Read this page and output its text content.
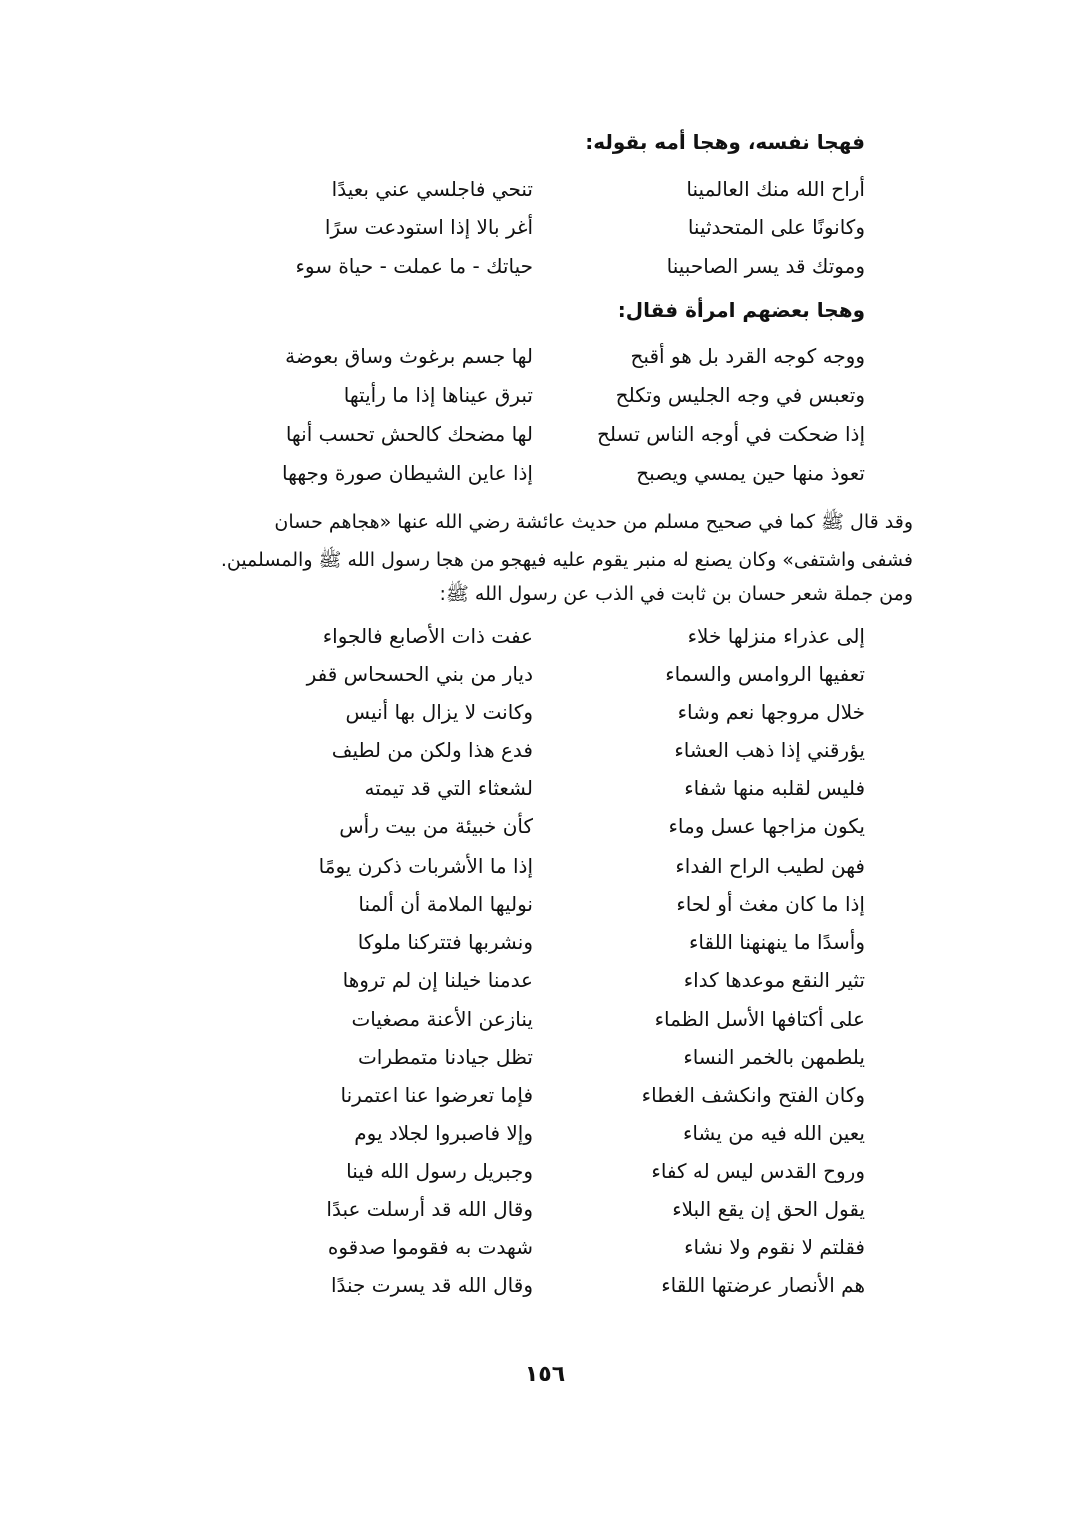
فهجا نفسه، وهجا أمه بقوله:
تنحي فاجلسي عني بعيدًا	أراح الله منك العالمينا
أغر بالا إذا استودعت سرًا	وكانونًا على المتحدثينا
حياتك - ما عملت - حياة سوء	وموتك قد يسر الصاحبينا
وهجا بعضهم امرأة فقال:
لها جسم برغوث وساق بعوضة	ووجه كوجه القرد بل هو أقبح
تبرق عيناها إذا ما رأيتها	وتعبس في وجه الجليس وتكلح
لها مضحك كالحش تحسب أنها	إذا ضحكت في أوجه الناس تسلح
إذا عاين الشيطان صورة وجهها	تعوذ منها حين يمسي ويصبح
وقد قال ﷺ كما في صحيح مسلم من حديث عائشة رضي الله عنها «هجاهم حسان
فشفى واشتفى» وكان يصنع له منبر يقوم عليه فيهجو من هجا رسول الله ﷺ والمسلمين.
ومن جملة شعر حسان بن ثابت في الذب عن رسول الله ﷺ:
عفت ذات الأصابع فالجواء	إلى عذراء منزلها خلاء
ديار من بني الحسحاس قفر	تعفيها الروامس والسماء
وكانت لا يزال بها أنيس	خلال مروجها نعم وشاء
فدع هذا ولكن من لطيف	يؤرقني إذا ذهب العشاء
لشعثاء التي قد تيمته	فليس لقلبه منها شفاء
كأن خبيئة من بيت رأس	يكون مزاجها عسل وماء
إذا ما الأشربات ذكرن يومًا	فهن لطيب الراح الفداء
نوليها الملامة أن ألمنا	إذا ما كان مغث أو لحاء
ونشربها فتتركنا ملوكا	وأسدًا ما ينهنهنا اللقاء
عدمنا خيلنا إن لم تروها	تثير النقع موعدها كداء
ينازعن الأعنة مصغيات	على أكتافها الأسل الظماء
تظل جيادنا متمطرات	يلطمهن بالخمر النساء
فإما تعرضوا عنا اعتمرنا	وكان الفتح وانكشف الغطاء
وإلا فاصبروا لجلاد يوم	يعين الله فيه من يشاء
وجبريل رسول الله فينا	وروح القدس ليس له كفاء
وقال الله قد أرسلت عبدًا	يقول الحق إن يقع البلاء
شهدت به فقوموا صدقوه	فقلتم لا نقوم ولا نشاء
وقال الله قد يسرت جندًا	هم الأنصار عرضتها اللقاء
١٥٦
